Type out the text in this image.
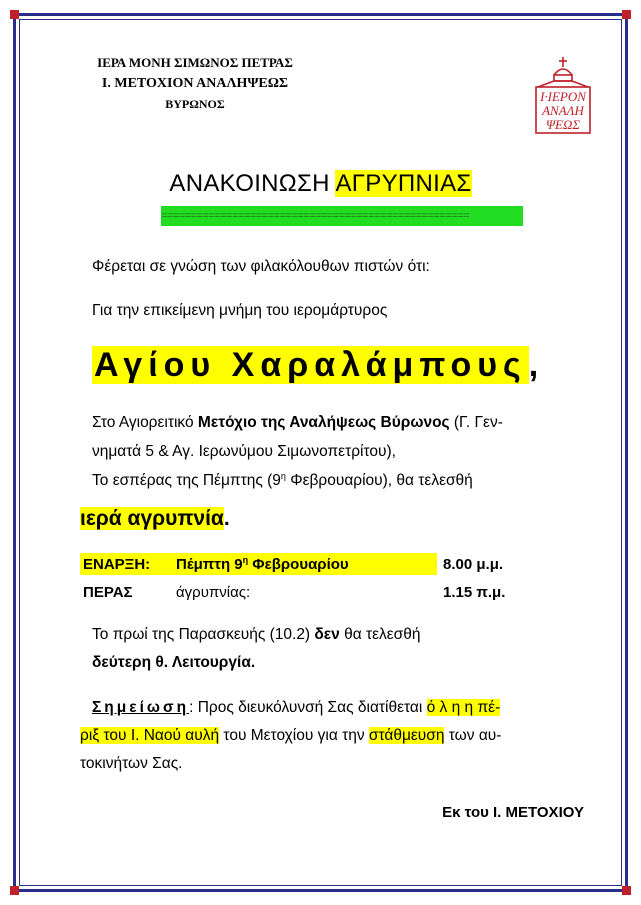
ΙΕΡΑ ΜΟΝΗ ΣΙΜΩΝΟΣ ΠΕΤΡΑΣ
Ι. ΜΕΤΟΧΙΟΝ ΑΝΑΛΗΨΕΩΣ
ΒΥΡΩΝΟΣ	Ι·ΙΕΡΟΝ
ΑΝΑΛΗ
ΨΕΩΣ
ΑΝΑΚΟΙΝΩΣΗ ΑΓΡΥΠΝΙΑΣ
====================================================
Φέρεται σε γνώση των φιλακόλουθων πιστών ότι:
Για την επικείμενη μνήμη του ιερομάρτυρος
Αγίου Χαραλάμπους,
Στο Αγιορειτικό Μετόχιο της Αναλήψεως Βύρωνος (Γ. Γεν-
νηματά 5 & Αγ. Ιερωνύμου Σιμωνοπετρίτου),
Το εσπέρας της Πέμπτης ($9^\eta$ Φεβρουαρίου), θα τελεσθή
ιερά αγρυπνία.
ΕΝΑΡΞΗ: Πέμπτη $9^\eta$ Φεβρουαρίου	8.00 μ.μ.
ΠΕΡΑΣ	άγρυπνίας:	1.15 π.μ.
Το πρωί της Παρασκευής (10.2) δεν θα τελεσθή
δεύτερη θ. Λειτουργία.
Σημείωση: Προς διευκόλυνσή Σας διατίθεται ό λ η η πέ-
ριξ του Ι. Ναού αυλή του Μετοχίου για την στάθμευση των αυ-
τοκινήτων Σας.
Εκ του Ι. ΜΕΤΟΧΙΟΥ
